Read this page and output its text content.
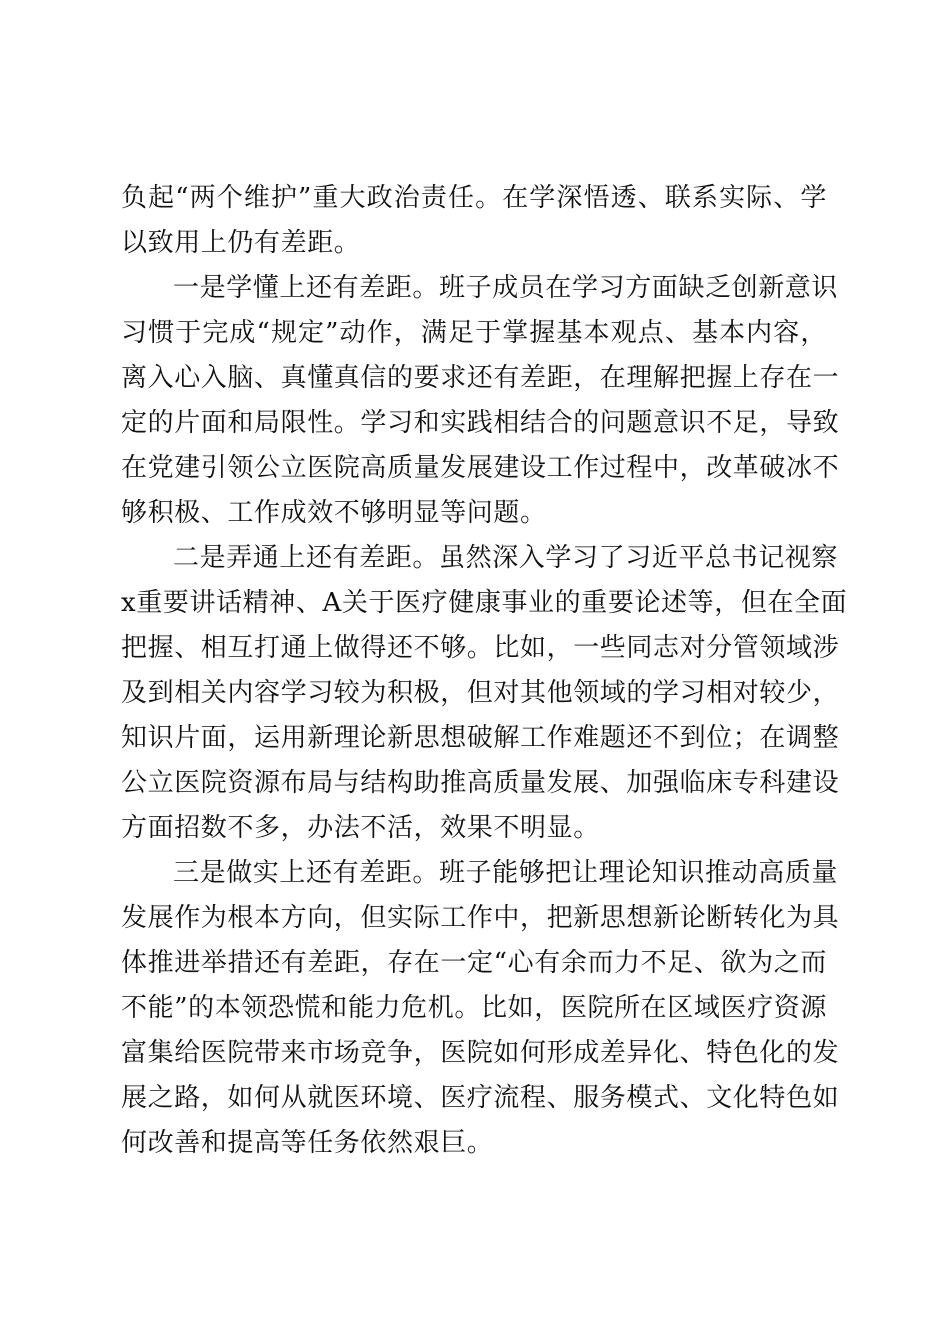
负起“两个维护”重大政治责任。在学深悟透、联系实际、学
以致用上仍有差距。
一是学懂上还有差距。班子成员在学习方面缺乏创新意识
习惯于完成“规定”动作，满足于掌握基本观点、基本内容，
离入心入脑、真懂真信的要求还有差距，在理解把握上存在一
定的片面和局限性。学习和实践相结合的问题意识不足，导致
在党建引领公立医院高质量发展建设工作过程中，改革破冰不
够积极、工作成效不够明显等问题。
二是弄通上还有差距。虽然深入学习了习近平总书记视察
x重要讲话精神、A关于医疗健康事业的重要论述等，但在全面
把握、相互打通上做得还不够。比如，一些同志对分管领域涉
及到相关内容学习较为积极，但对其他领域的学习相对较少，
知识片面，运用新理论新思想破解工作难题还不到位；在调整
公立医院资源布局与结构助推高质量发展、加强临床专科建设
方面招数不多，办法不活，效果不明显。
三是做实上还有差距。班子能够把让理论知识推动高质量
发展作为根本方向，但实际工作中，把新思想新论断转化为具
体推进举措还有差距，存在一定“心有余而力不足、欲为之而
不能”的本领恐慌和能力危机。比如，医院所在区域医疗资源
富集给医院带来市场竞争，医院如何形成差异化、特色化的发
展之路，如何从就医环境、医疗流程、服务模式、文化特色如
何改善和提高等任务依然艰巨。
